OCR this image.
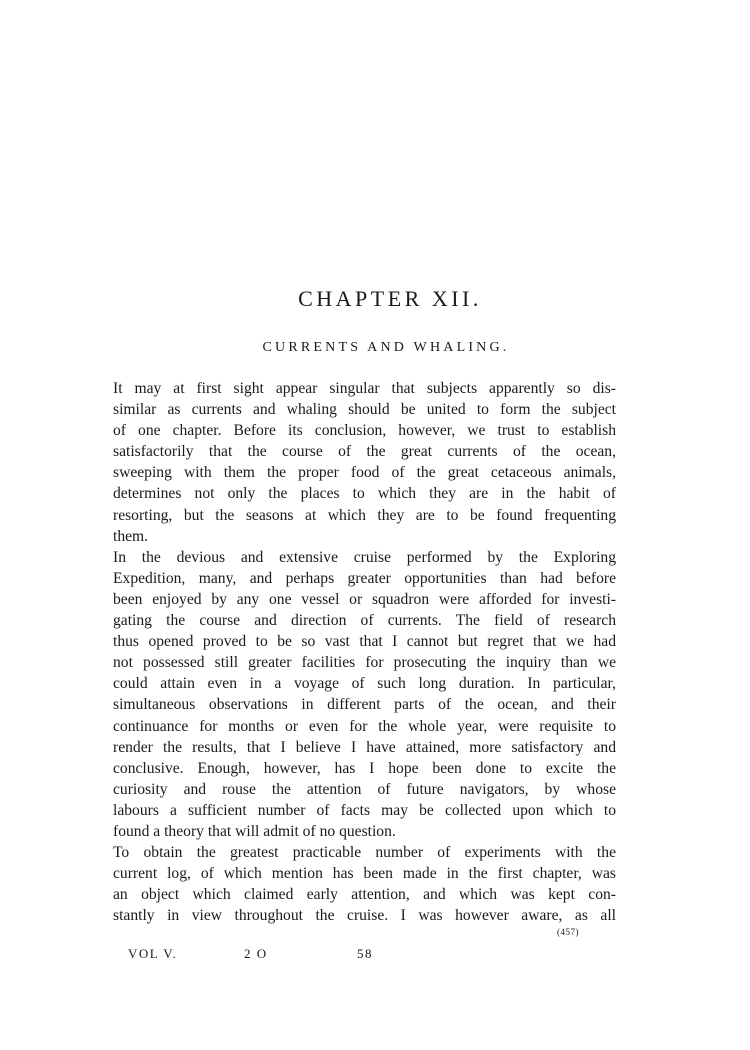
CHAPTER XII.
CURRENTS AND WHALING.

It may at first sight appear singular that subjects apparently so dis-
similar as currents and whaling should be united to form the subject
of one chapter. Before its conclusion, however, we trust to establish
satisfactorily that the course of the great currents of the ocean,
sweeping with them the proper food of the great cetaceous animals,
determines not only the places to which they are in the habit of
resorting, but the seasons at which they are to be found frequenting
them.

In the devious and extensive cruise performed by the Exploring
Expedition, many, and perhaps greater opportunities than had before
been enjoyed by any one vessel or squadron were afforded for investi-
gating the course and direction of currents. The field of research
thus opened proved to be so vast that I cannot but regret that we had
not possessed still greater facilities for prosecuting the inquiry than we
could attain even in a voyage of such long duration. In particular,
simultaneous observations in different parts of the ocean, and their
continuance for months or even for the whole year, were requisite to
render the results, that I believe I have attained, more satisfactory and
conclusive. Enough, however, has I hope been done to excite the
curiosity and rouse the attention of future navigators, by whose
labours a sufficient number of facts may be collected upon which to
found a theory that will admit of no question.

To obtain the greatest practicable number of experiments with the
current log, of which mention has been made in the first chapter, was
an object which claimed early attention, and which was kept con-
stantly in view throughout the cruise. I was however aware, as all

(457)
VOL V.	2 O	58
